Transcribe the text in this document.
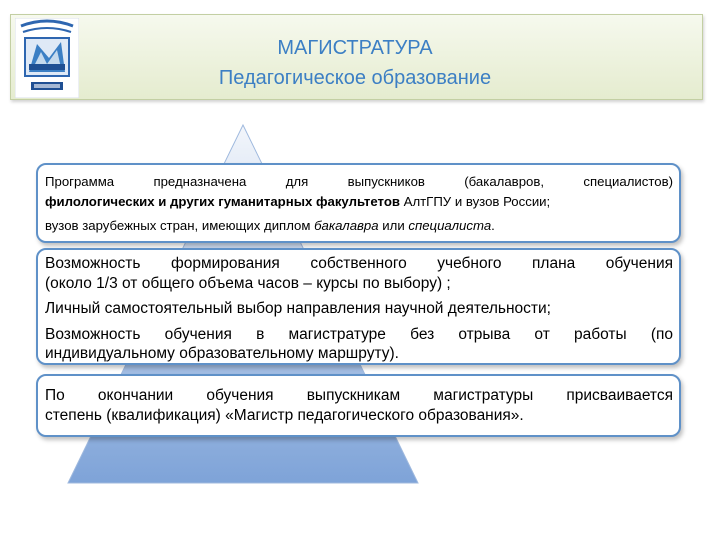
МАГИСТРАТУРА
Педагогическое образование
Программа предназначена для выпускников (бакалавров, специалистов)
филологических и других гуманитарных факультетов АлтГПУ и вузов России;
вузов зарубежных стран, имеющих диплом бакалавра или специалиста.
Возможность формирования собственного учебного плана обучения
(около 1/3 от общего объема часов – курсы по выбору) ;
Личный самостоятельный выбор направления научной деятельности;
Возможность обучения в магистратуре без отрыва от работы (по
индивидуальному образовательному маршруту).
По окончании обучения выпускникам магистратуры присваивается
степень (квалификация) «Магистр педагогического образования».
